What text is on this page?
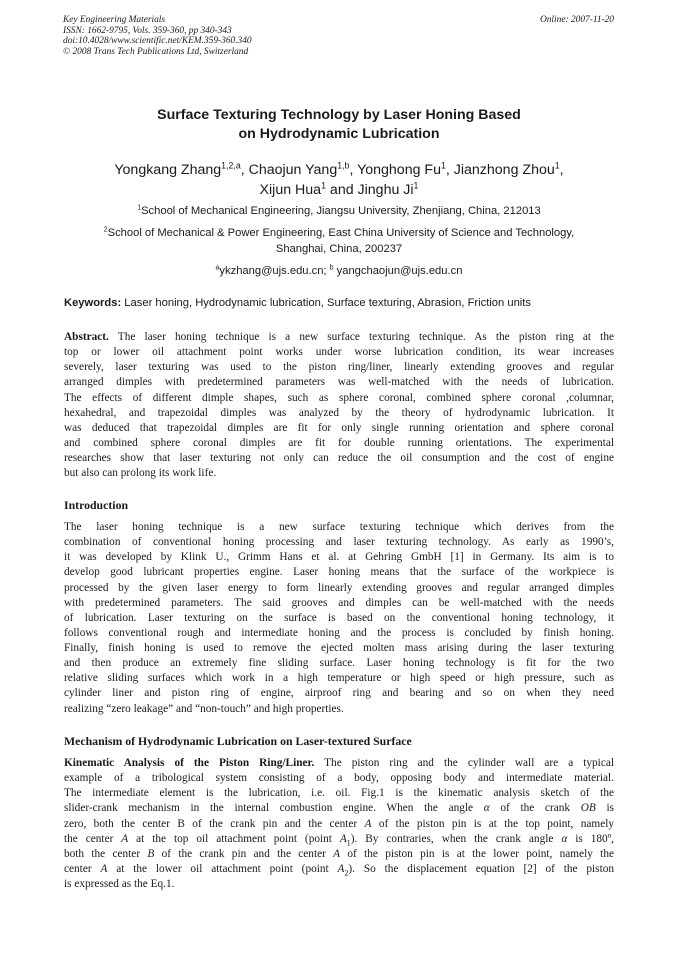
Key Engineering Materials
ISSN: 1662-9795, Vols. 359-360, pp 340-343
doi:10.4028/www.scientific.net/KEM.359-360.340
© 2008 Trans Tech Publications Ltd, Switzerland
Online: 2007-11-20
Surface Texturing Technology by Laser Honing Based
on Hydrodynamic Lubrication
Yongkang Zhang$^{1,2,a}$, Chaojun Yang$^{1,b}$, Yonghong Fu$^1$, Jianzhong Zhou$^1$,
Xijun Hua$^1$ and Jinghu Ji$^1$
$^1$School of Mechanical Engineering, Jiangsu University, Zhenjiang, China, 212013
$^2$School of Mechanical & Power Engineering, East China University of Science and Technology,
Shanghai, China, 200237
$^a$ykzhang@ujs.edu.cn; $^b$ yangchaojun@ujs.edu.cn
Keywords: Laser honing, Hydrodynamic lubrication, Surface texturing, Abrasion, Friction units
Abstract. The laser honing technique is a new surface texturing technique. As the piston ring at the
top or lower oil attachment point works under worse lubrication condition, its wear increases
severely, laser texturing was used to the piston ring/liner, linearly extending grooves and regular
arranged dimples with predetermined parameters was well-matched with the needs of lubrication.
The effects of different dimple shapes, such as sphere coronal, combined sphere coronal ,columnar,
hexahedral, and trapezoidal dimples was analyzed by the theory of hydrodynamic lubrication. It
was deduced that trapezoidal dimples are fit for only single running orientation and sphere coronal
and combined sphere coronal dimples are fit for double running orientations. The experimental
researches show that laser texturing not only can reduce the oil consumption and the cost of engine
but also can prolong its work life.
Introduction
The laser honing technique is a new surface texturing technique which derives from the
combination of conventional honing processing and laser texturing technology. As early as 1990’s,
it was developed by Klink U., Grimm Hans et al. at Gehring GmbH [1] in Germany. Its aim is to
develop good lubricant properties engine. Laser honing means that the surface of the workpiece is
processed by the given laser energy to form linearly extending grooves and regular arranged dimples
with predetermined parameters. The said grooves and dimples can be well-matched with the needs
of lubrication. Laser texturing on the surface is based on the conventional honing technology, it
follows conventional rough and intermediate honing and the process is concluded by finish honing.
Finally, finish honing is used to remove the ejected molten mass arising during the laser texturing
and then produce an extremely fine sliding surface. Laser honing technology is fit for the two
relative sliding surfaces which work in a high temperature or high speed or high pressure, such as
cylinder liner and piston ring of engine, airproof ring and bearing and so on when they need
realizing “zero leakage” and “non-touch” and high properties.
Mechanism of Hydrodynamic Lubrication on Laser-textured Surface
Kinematic Analysis of the Piston Ring/Liner. The piston ring and the cylinder wall are a typical
example of a tribological system consisting of a body, opposing body and intermediate material.
The intermediate element is the lubrication, i.e. oil. Fig.1 is the kinematic analysis sketch of the
slider-crank mechanism in the internal combustion engine. When the angle α of the crank OB is
zero, both the center B of the crank pin and the center A of the piston pin is at the top point, namely
the center A at the top oil attachment point (point $A_1$). By contraries, when the crank angle α is 180º,
both the center B of the crank pin and the center A of the piston pin is at the lower point, namely the
center A at the lower oil attachment point (point $A_2$). So the displacement equation [2] of the piston
is expressed as the Eq.1.
